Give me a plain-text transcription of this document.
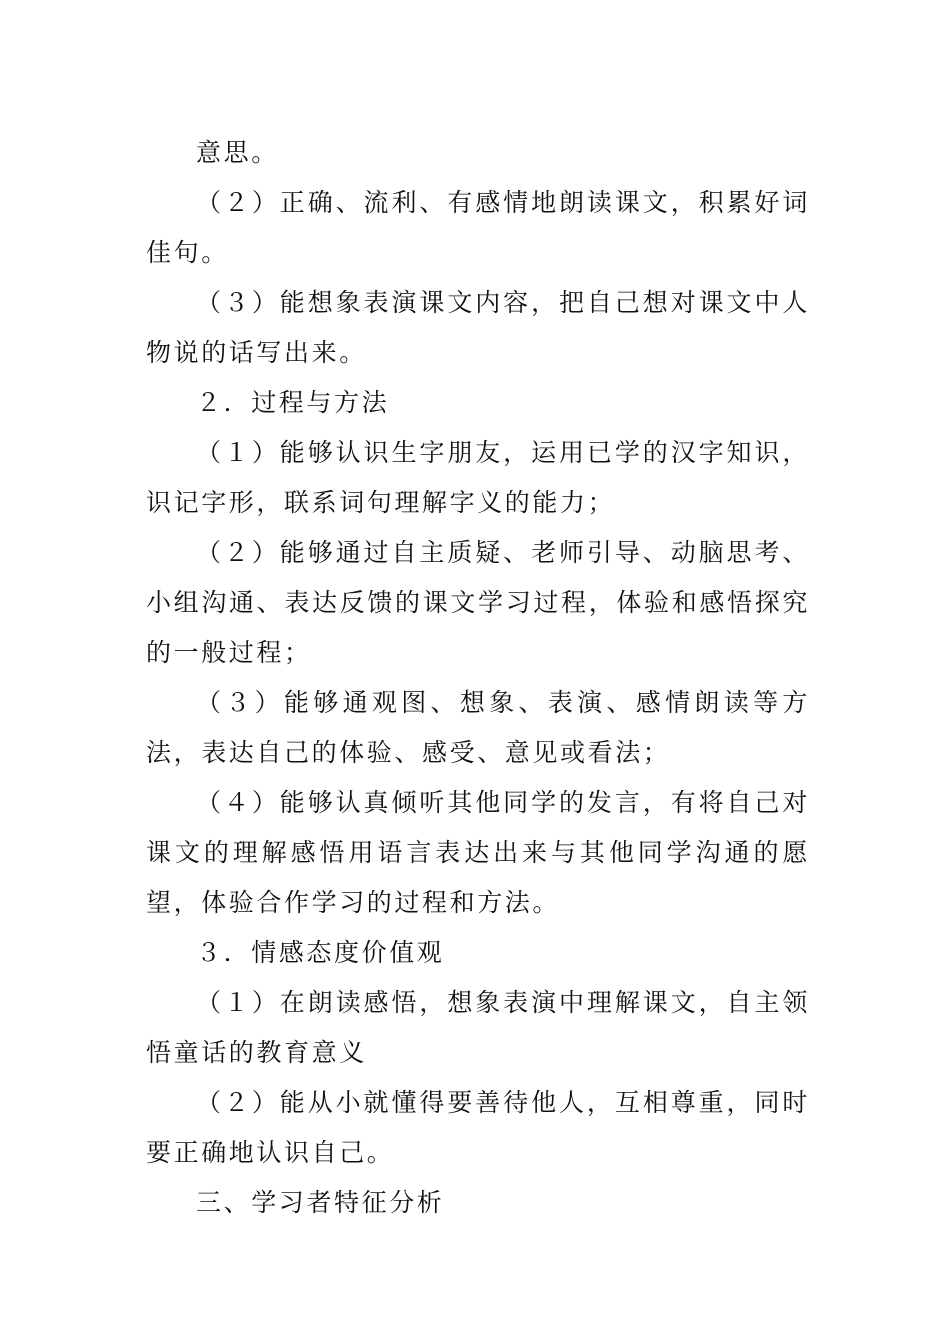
意思。

（２）正确、流利、有感情地朗读课文，积累好词佳句。

（３）能想象表演课文内容，把自己想对课文中人物说的话写出来。

２．过程与方法

（１）能够认识生字朋友，运用已学的汉字知识，识记字形，联系词句理解字义的能力；

（２）能够通过自主质疑、老师引导、动脑思考、小组沟通、表达反馈的课文学习过程，体验和感悟探究的一般过程；

（３）能够通观图、想象、表演、感情朗读等方法，表达自己的体验、感受、意见或看法；

（４）能够认真倾听其他同学的发言，有将自己对课文的理解感悟用语言表达出来与其他同学沟通的愿望，体验合作学习的过程和方法。

３．情感态度价值观

（１）在朗读感悟，想象表演中理解课文，自主领悟童话的教育意义

（２）能从小就懂得要善待他人，互相尊重，同时要正确地认识自己。

三、学习者特征分析
